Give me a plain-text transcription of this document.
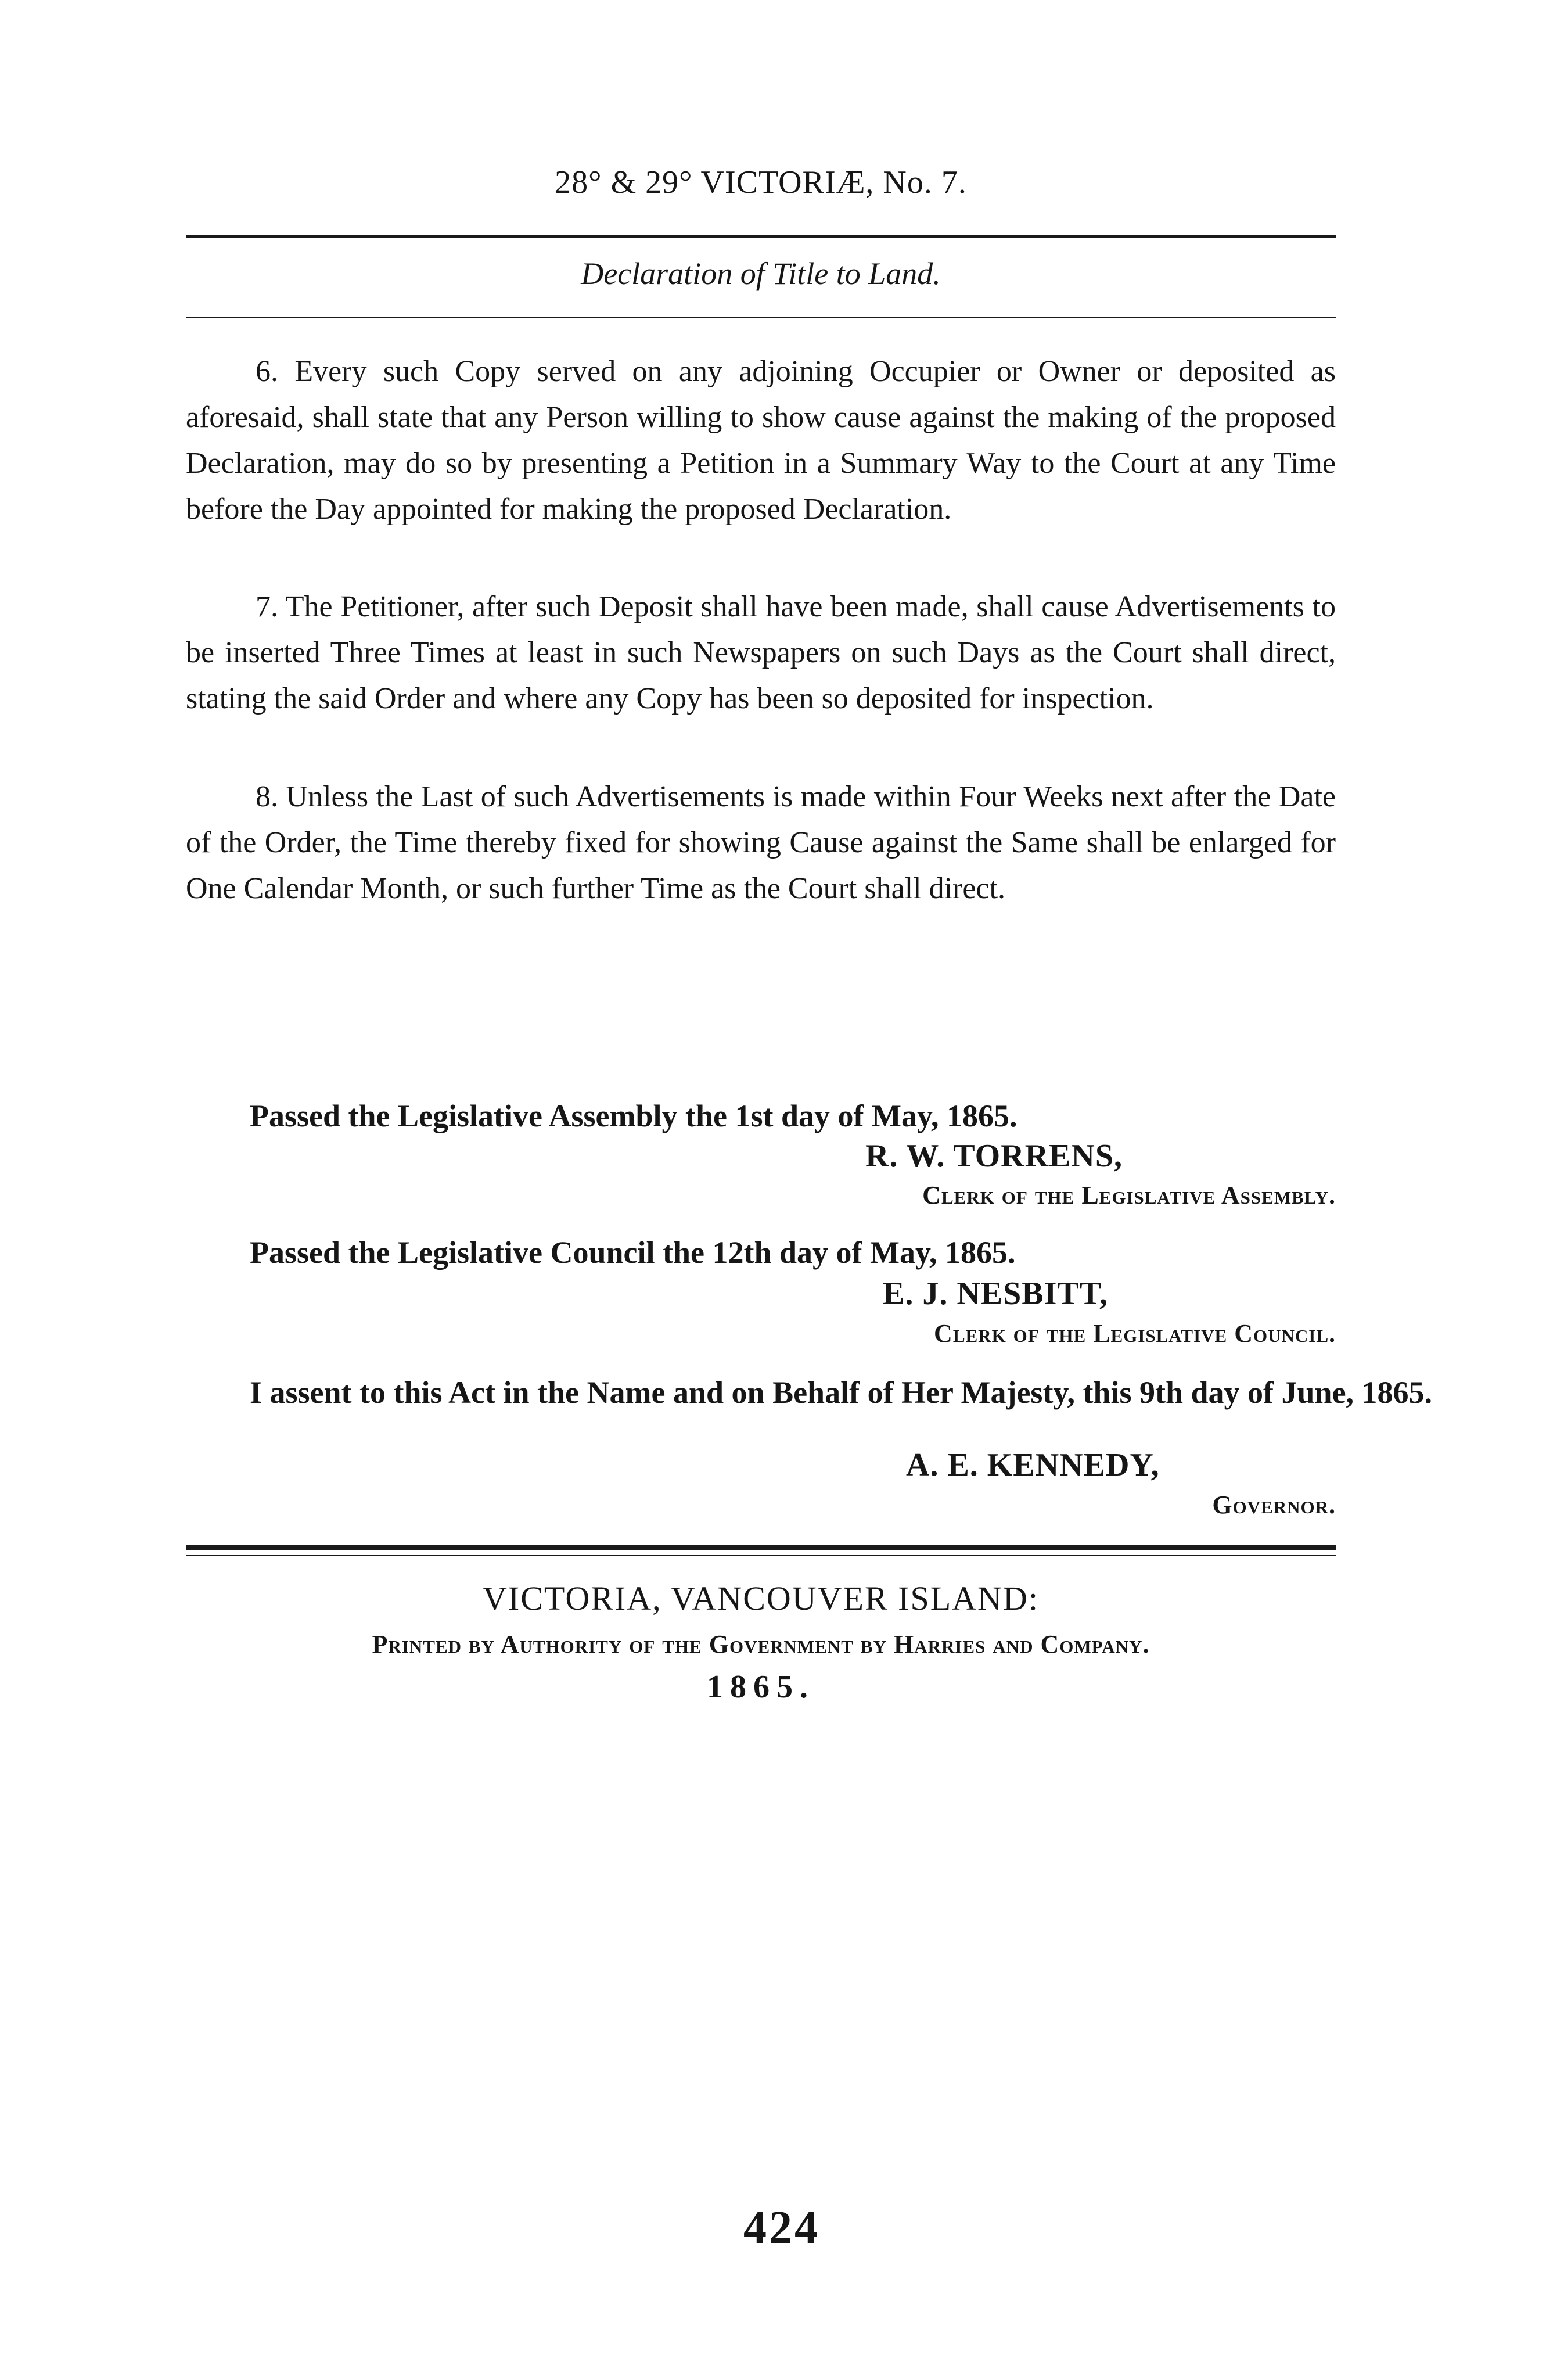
28° & 29° VICTORIÆ, No. 7.
Declaration of Title to Land.

6. Every such Copy served on any adjoining Occupier or Owner or deposited as aforesaid, shall state that any Person willing to show cause against the making of the proposed Declaration, may do so by presenting a Petition in a Summary Way to the Court at any Time before the Day appointed for making the proposed Declaration.

7. The Petitioner, after such Deposit shall have been made, shall cause Advertisements to be inserted Three Times at least in such Newspapers on such Days as the Court shall direct, stating the said Order and where any Copy has been so deposited for inspection.

8. Unless the Last of such Advertisements is made within Four Weeks next after the Date of the Order, the Time thereby fixed for showing Cause against the Same shall be enlarged for One Calendar Month, or such further Time as the Court shall direct.

Passed the Legislative Assembly the 1st day of May, 1865.
R. W. TORRENS,
Clerk of the Legislative Assembly.
Passed the Legislative Council the 12th day of May, 1865.
E. J. NESBITT,
Clerk of the Legislative Council.

I assent to this Act in the Name and on Behalf of Her Majesty, this 9th day of June, 1865.

A. E. KENNEDY,
Governor.
VICTORIA, VANCOUVER ISLAND:
Printed by Authority of the Government by Harries and Company.
1865.
424
